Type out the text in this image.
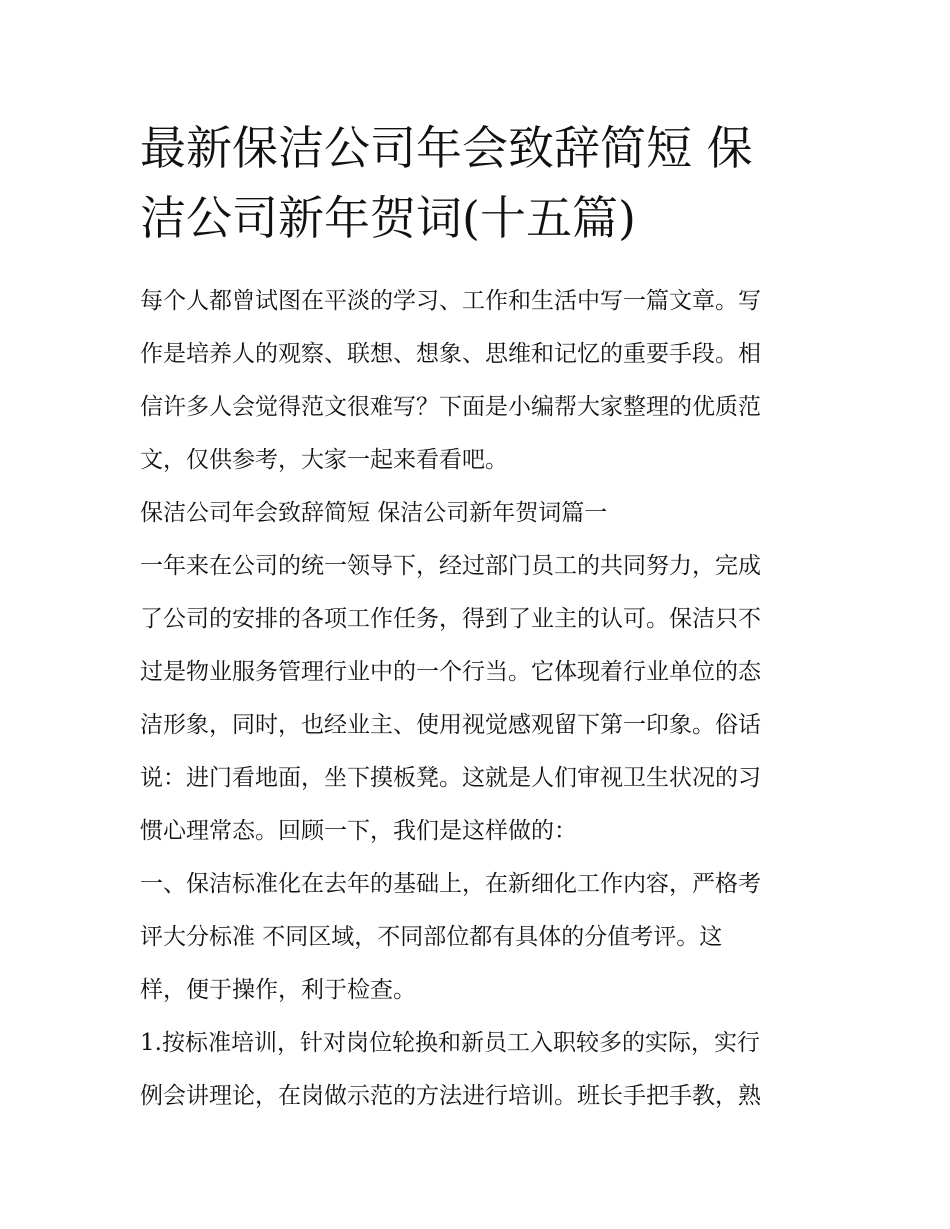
最新保洁公司年会致辞简短 保
洁公司新年贺词(十五篇)
每个人都曾试图在平淡的学习、工作和生活中写一篇文章。写
作是培养人的观察、联想、想象、思维和记忆的重要手段。相
信许多人会觉得范文很难写？下面是小编帮大家整理的优质范
文，仅供参考，大家一起来看看吧。
保洁公司年会致辞简短 保洁公司新年贺词篇一
一年来在公司的统一领导下，经过部门员工的共同努力，完成
了公司的安排的各项工作任务，得到了业主的认可。保洁只不
过是物业服务管理行业中的一个行当。它体现着行业单位的态
洁形象，同时，也经业主、使用视觉感观留下第一印象。俗话
说：进门看地面，坐下摸板凳。这就是人们审视卫生状况的习
惯心理常态。回顾一下，我们是这样做的：
一、保洁标准化在去年的基础上，在新细化工作内容，严格考
评大分标准 不同区域，不同部位都有具体的分值考评。这
样，便于操作，利于检查。
1.按标准培训，针对岗位轮换和新员工入职较多的实际，实行
例会讲理论，在岗做示范的方法进行培训。班长手把手教，熟
